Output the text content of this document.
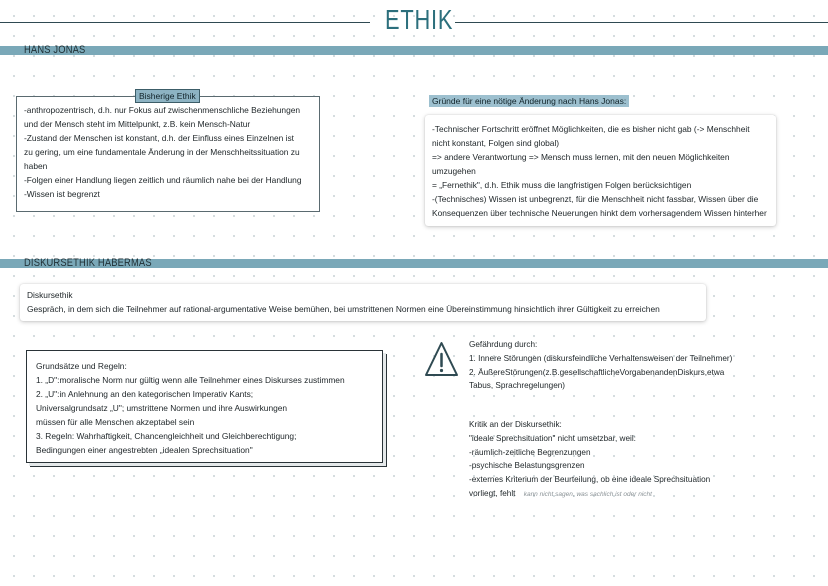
ETHIK
HANS JONAS
Bisherige Ethik
-anthropozentrisch, d.h. nur Fokus auf zwischenmenschliche Beziehungen
und der Mensch steht im Mittelpunkt, z.B. kein Mensch-Natur
-Zustand der Menschen ist konstant, d.h. der Einfluss eines Einzelnen ist
zu gering, um eine fundamentale Änderung in der Menschheitssituation zu
haben
-Folgen einer Handlung liegen zeitlich und räumlich nahe bei der Handlung
-Wissen ist begrenzt
Gründe für eine nötige Änderung nach Hans Jonas:
-Technischer Fortschritt eröffnet Möglichkeiten, die es bisher nicht gab (-> Menschheit
nicht konstant, Folgen sind global)
=> andere Verantwortung => Mensch muss lernen, mit den neuen Möglichkeiten
umzugehen
= „Fernethik", d.h. Ethik muss die langfristigen Folgen berücksichtigen
-(Technisches) Wissen ist unbegrenzt, für die Menschheit nicht fassbar, Wissen über die
Konsequenzen über technische Neuerungen hinkt dem vorhersagendem Wissen hinterher
DISKURSETHIK HABERMAS
Diskursethik
Gespräch, in dem sich die Teilnehmer auf rational-argumentative Weise bemühen, bei umstrittenen Normen eine Übereinstimmung hinsichtlich ihrer Gültigkeit zu erreichen
Grundsätze und Regeln:
1. „D":moralische Norm nur gültig wenn alle Teilnehmer eines Diskurses zustimmen
2. „U":in Anlehnung an den kategorischen Imperativ Kants;
Universalgrundsatz „U"; umstrittene Normen und ihre Auswirkungen
müssen für alle Menschen akzeptabel sein
3. Regeln: Wahrhaftigkeit, Chancengleichheit und Gleichberechtigung;
Bedingungen einer angestrebten „idealen Sprechsituation"
Gefährdung durch:
1. Innere Störungen (diskursfeindliche Verhaltensweisen der Teilnehmer)
2. ÄußereStörungen(z.B.gesellschaftlicheVorgabenandenDiskurs,etwa
Tabus, Sprachregelungen)
Kritik an der Diskursethik:
"ideale Sprechsituation" nicht umsetzbar, weil:
-räumlich-zeitliche Begrenzungen
-psychische Belastungsgrenzen
-externes Kriterium der Beurteilung, ob eine ideale Sprechsituation
vorliegt, fehlt kann nicht sagen, was sachlich ist oder nicht
